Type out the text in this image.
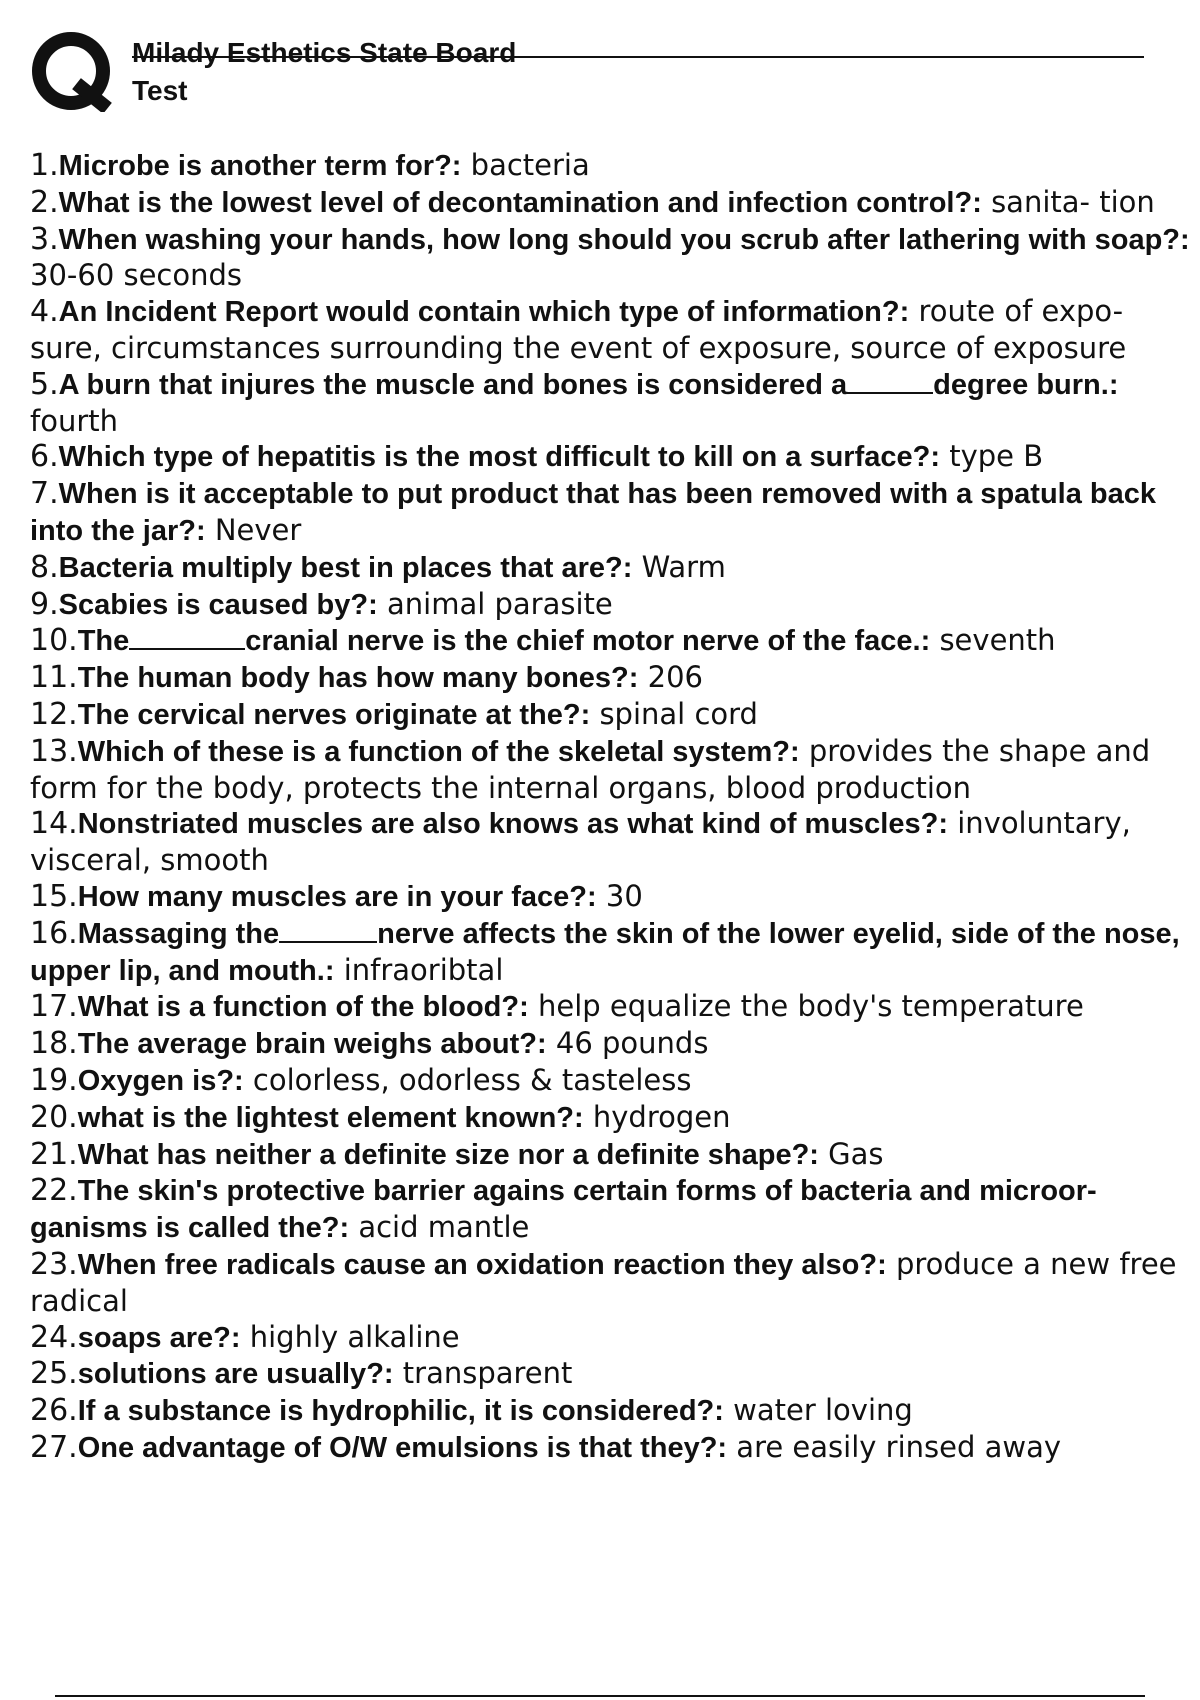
Milady Esthetics State Board
Test
1.Microbe is another term for?: bacteria
2.What is the lowest level of decontamination and infection control?: sanita- tion
3.When washing your hands, how long should you scrub after lathering with soap?: 30-60 seconds
4.An Incident Report would contain which type of information?: route of expo- sure, circumstances surrounding the event of exposure, source of exposure
5.A burn that injures the muscle and bones is considered a	degree burn.: fourth
6.Which type of hepatitis is the most difficult to kill on a surface?: type B
7.When is it acceptable to put product that has been removed with a spatula back into the jar?: Never
8.Bacteria multiply best in places that are?: Warm
9.Scabies is caused by?: animal parasite
10.The	cranial nerve is the chief motor nerve of the face.: seventh
11.The human body has how many bones?: 206
12.The cervical nerves originate at the?: spinal cord
13.Which of these is a function of the skeletal system?: provides the shape and form for the body, protects the internal organs, blood production
14.Nonstriated muscles are also knows as what kind of muscles?: involuntary, visceral, smooth
15.How many muscles are in your face?: 30
16.Massaging the	nerve affects the skin of the lower eyelid, side of the nose, upper lip, and mouth.: infraoribtal
17.What is a function of the blood?: help equalize the body's temperature
18.The average brain weighs about?: 46 pounds
19.Oxygen is?: colorless, odorless & tasteless
20.what is the lightest element known?: hydrogen
21.What has neither a definite size nor a definite shape?: Gas
22.The skin's protective barrier agains certain forms of bacteria and microor- ganisms is called the?: acid mantle
23.When free radicals cause an oxidation reaction they also?: produce a new free radical
24.soaps are?: highly alkaline
25.solutions are usually?: transparent
26.If a substance is hydrophilic, it is considered?: water loving
27.One advantage of O/W emulsions is that they?: are easily rinsed away
